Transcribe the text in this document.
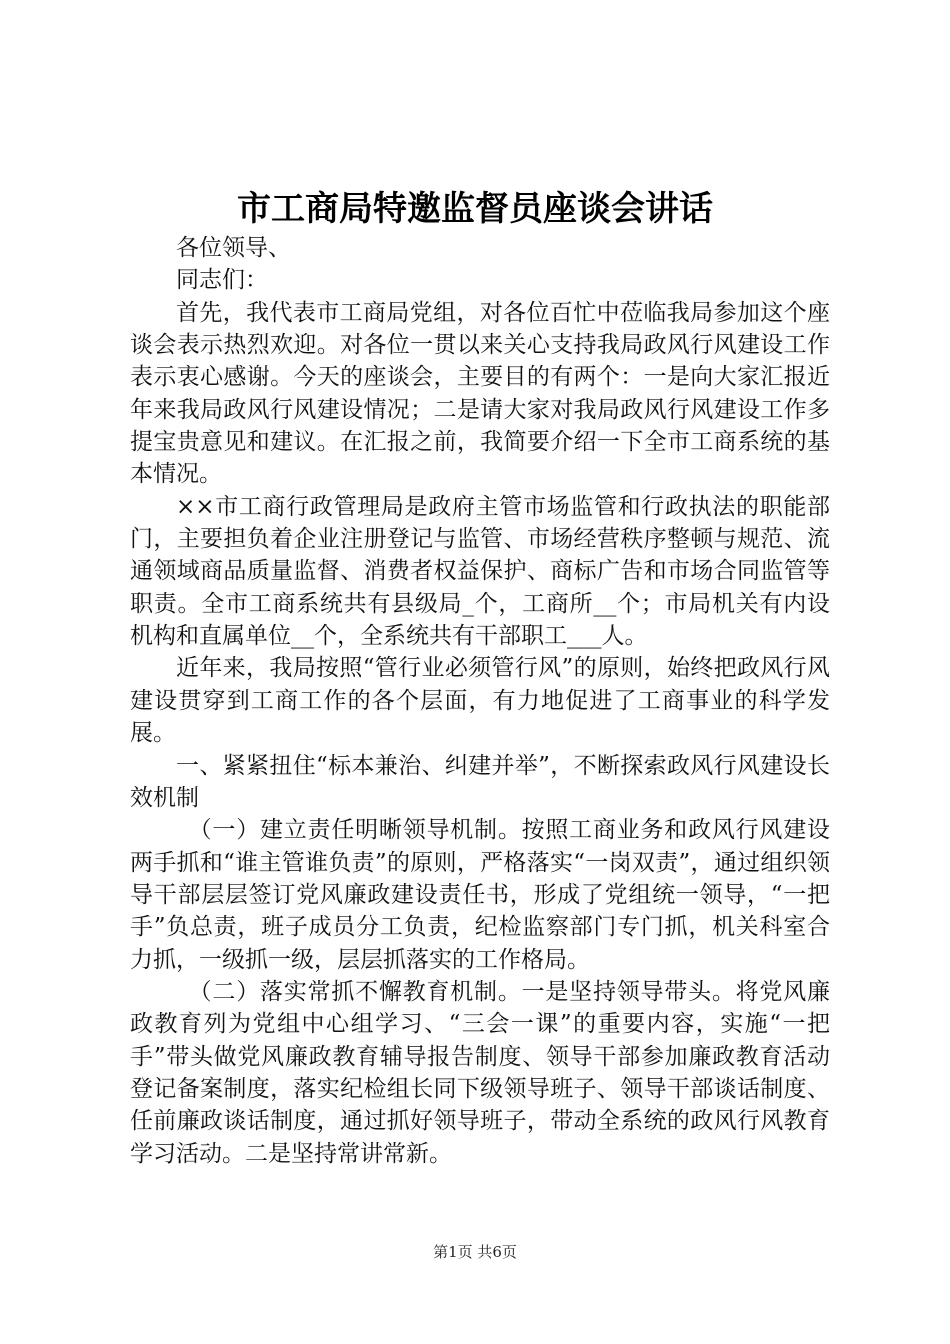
市工商局特邀监督员座谈会讲话

各位领导、

同志们：

首先，我代表市工商局党组，对各位百忙中莅临我局参加这个座谈会表示热烈欢迎。对各位一贯以来关心支持我局政风行风建设工作表示衷心感谢。今天的座谈会，主要目的有两个：一是向大家汇报近年来我局政风行风建设情况；二是请大家对我局政风行风建设工作多提宝贵意见和建议。在汇报之前，我简要介绍一下全市工商系统的基本情况。

××市工商行政管理局是政府主管市场监管和行政执法的职能部门，主要担负着企业注册登记与监管、市场经营秩序整顿与规范、流通领域商品质量监督、消费者权益保护、商标广告和市场合同监管等职责。全市工商系统共有县级局_个，工商所__个；市局机关有内设机构和直属单位__个，全系统共有干部职工___人。

近年来，我局按照“管行业必须管行风”的原则，始终把政风行风建设贯穿到工商工作的各个层面，有力地促进了工商事业的科学发展。

一、紧紧扭住“标本兼治、纠建并举”，不断探索政风行风建设长效机制

（一）建立责任明晰领导机制。按照工商业务和政风行风建设两手抓和“谁主管谁负责”的原则，严格落实“一岗双责”，通过组织领导干部层层签订党风廉政建设责任书，形成了党组统一领导，“一把手”负总责，班子成员分工负责，纪检监察部门专门抓，机关科室合力抓，一级抓一级，层层抓落实的工作格局。

（二）落实常抓不懈教育机制。一是坚持领导带头。将党风廉政教育列为党组中心组学习、“三会一课”的重要内容，实施“一把手”带头做党风廉政教育辅导报告制度、领导干部参加廉政教育活动登记备案制度，落实纪检组长同下级领导班子、领导干部谈话制度、任前廉政谈话制度，通过抓好领导班子，带动全系统的政风行风教育学习活动。二是坚持常讲常新。

第1页 共6页
